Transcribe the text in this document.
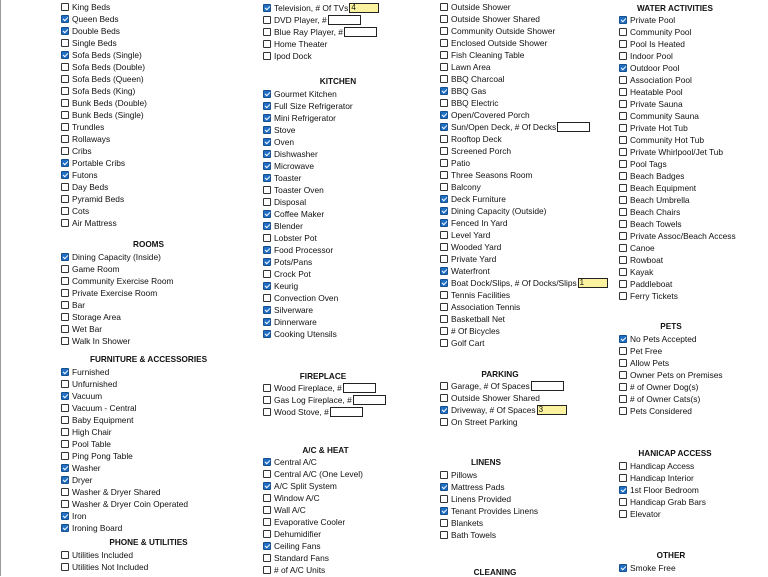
King Beds
Queen Beds
Double Beds
Single Beds
Sofa Beds (Single)
Sofa Beds (Double)
Sofa Beds (Queen)
Sofa Beds (King)
Bunk Beds (Double)
Bunk Beds (Single)
Trundles
Rollaways
Cribs
Portable Cribs
Futons
Day Beds
Pyramid Beds
Cots
Air Mattress
ROOMS
Dining Capacity (Inside)
Game Room
Community Exercise Room
Private Exercise Room
Bar
Storage Area
Wet Bar
Walk In Shower
FURNITURE & ACCESSORIES
Furnished
Unfurnished
Vacuum
Vacuum - Central
Baby Equipment
High Chair
Pool Table
Ping Pong Table
Washer
Dryer
Washer & Dryer Shared
Washer & Dryer Coin Operated
Iron
Ironing Board
PHONE & UTILITIES
Utilities Included
Utilities Not Included
Television, # Of TVs 4
DVD Player, #
Blue Ray Player, #
Home Theater
Ipod Dock
KITCHEN
Gourmet Kitchen
Full Size Refrigerator
Mini Refrigerator
Stove
Oven
Dishwasher
Microwave
Toaster
Toaster Oven
Disposal
Coffee Maker
Blender
Lobster Pot
Food Processor
Pots/Pans
Crock Pot
Keurig
Convection Oven
Silverware
Dinnerware
Cooking Utensils
FIREPLACE
Wood Fireplace, #
Gas Log Fireplace, #
Wood Stove, #
A/C & HEAT
Central A/C
Central A/C (One Level)
A/C Split System
Window A/C
Wall A/C
Evaporative Cooler
Dehumidifier
Ceiling Fans
Standard Fans
# of A/C Units
Outside Shower
Outside Shower Shared
Community Outside Shower
Enclosed Outside Shower
Fish Cleaning Table
Lawn Area
BBQ Charcoal
BBQ Gas
BBQ Electric
Open/Covered Porch
Sun/Open Deck, # Of Decks
Rooftop Deck
Screened Porch
Patio
Three Seasons Room
Balcony
Deck Furniture
Dining Capacity (Outside)
Fenced In Yard
Level Yard
Wooded Yard
Private Yard
Waterfront
Boat Dock/Slips, # Of Docks/Slips 1
Tennis Facilities
Association Tennis
Basketball Net
# Of Bicycles
Golf Cart
PARKING
Garage, # Of Spaces
Outside Shower Shared
Driveway, # Of Spaces 3
On Street Parking
LINENS
Pillows
Mattress Pads
Linens Provided
Tenant Provides Linens
Blankets
Bath Towels
CLEANING
WATER ACTIVITIES
Private Pool
Community Pool
Pool Is Heated
Indoor Pool
Outdoor Pool
Association Pool
Heatable Pool
Private Sauna
Community Sauna
Private Hot Tub
Community Hot Tub
Private Whirlpool/Jet Tub
Pool Tags
Beach Badges
Beach Equipment
Beach Umbrella
Beach Chairs
Beach Towels
Private Assoc/Beach Access
Canoe
Rowboat
Kayak
Paddleboat
Ferry Tickets
PETS
No Pets Accepted
Pet Free
Allow Pets
Owner Pets on Premises
# of Owner Dog(s)
# of Owner Cats(s)
Pets Considered
HANICAP ACCESS
Handicap Access
Handicap Interior
1st Floor Bedroom
Handicap Grab Bars
Elevator
OTHER
Smoke Free
